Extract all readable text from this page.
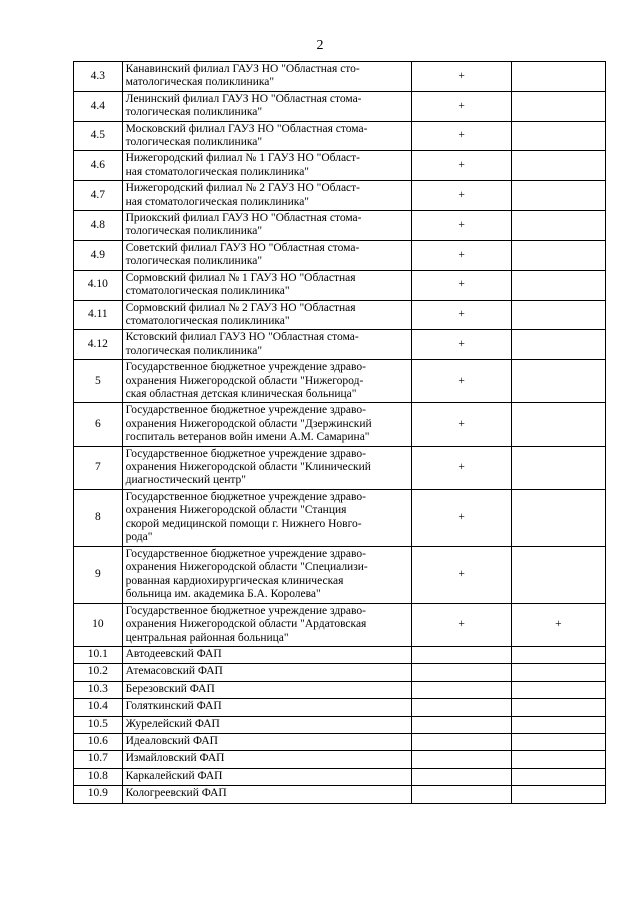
2
4.3	Канавинский филиал ГАУЗ НО "Областная сто-
матологическая поликлиника"	+	
4.4	Ленинский филиал ГАУЗ НО "Областная стома-
тологическая поликлиника"	+	
4.5	Московский филиал ГАУЗ НО "Областная стома-
тологическая поликлиника"	+	
4.6	Нижегородский филиал № 1 ГАУЗ НО "Област-
ная стоматологическая поликлиника"	+	
4.7	Нижегородский филиал № 2 ГАУЗ НО "Област-
ная стоматологическая поликлиника"	+	
4.8	Приокский филиал ГАУЗ НО "Областная стома-
тологическая поликлиника"	+	
4.9	Советский филиал ГАУЗ НО "Областная стома-
тологическая поликлиника"	+	
4.10	Сормовский филиал № 1 ГАУЗ НО "Областная
стоматологическая поликлиника"	+	
4.11	Сормовский филиал № 2 ГАУЗ НО "Областная
стоматологическая поликлиника"	+	
4.12	Кстовский филиал ГАУЗ НО "Областная стома-
тологическая поликлиника"	+	
5	Государственное бюджетное учреждение здраво-
охранения Нижегородской области "Нижегород-
ская областная детская клиническая больница"	+	
6	Государственное бюджетное учреждение здраво-
охранения Нижегородской области "Дзержинский
госпиталь ветеранов войн имени А.М. Самарина"	+	
7	Государственное бюджетное учреждение здраво-
охранения Нижегородской области "Клинический
диагностический центр"	+	
8	Государственное бюджетное учреждение здраво-
охранения Нижегородской области "Станция
скорой медицинской помощи г. Нижнего Новго-
рода"	+	
9	Государственное бюджетное учреждение здраво-
охранения Нижегородской области "Специализи-
рованная кардиохирургическая клиническая
больница им. академика Б.А. Королева"	+	
10	Государственное бюджетное учреждение здраво-
охранения Нижегородской области "Ардатовская
центральная районная больница"	+	+
10.1	Автодеевский ФАП		
10.2	Атемасовский ФАП		
10.3	Березовский ФАП		
10.4	Голяткинский ФАП		
10.5	Журелейский ФАП		
10.6	Идеаловский ФАП		
10.7	Измайловский ФАП		
10.8	Каркалейский ФАП		
10.9	Кологреевский ФАП		
